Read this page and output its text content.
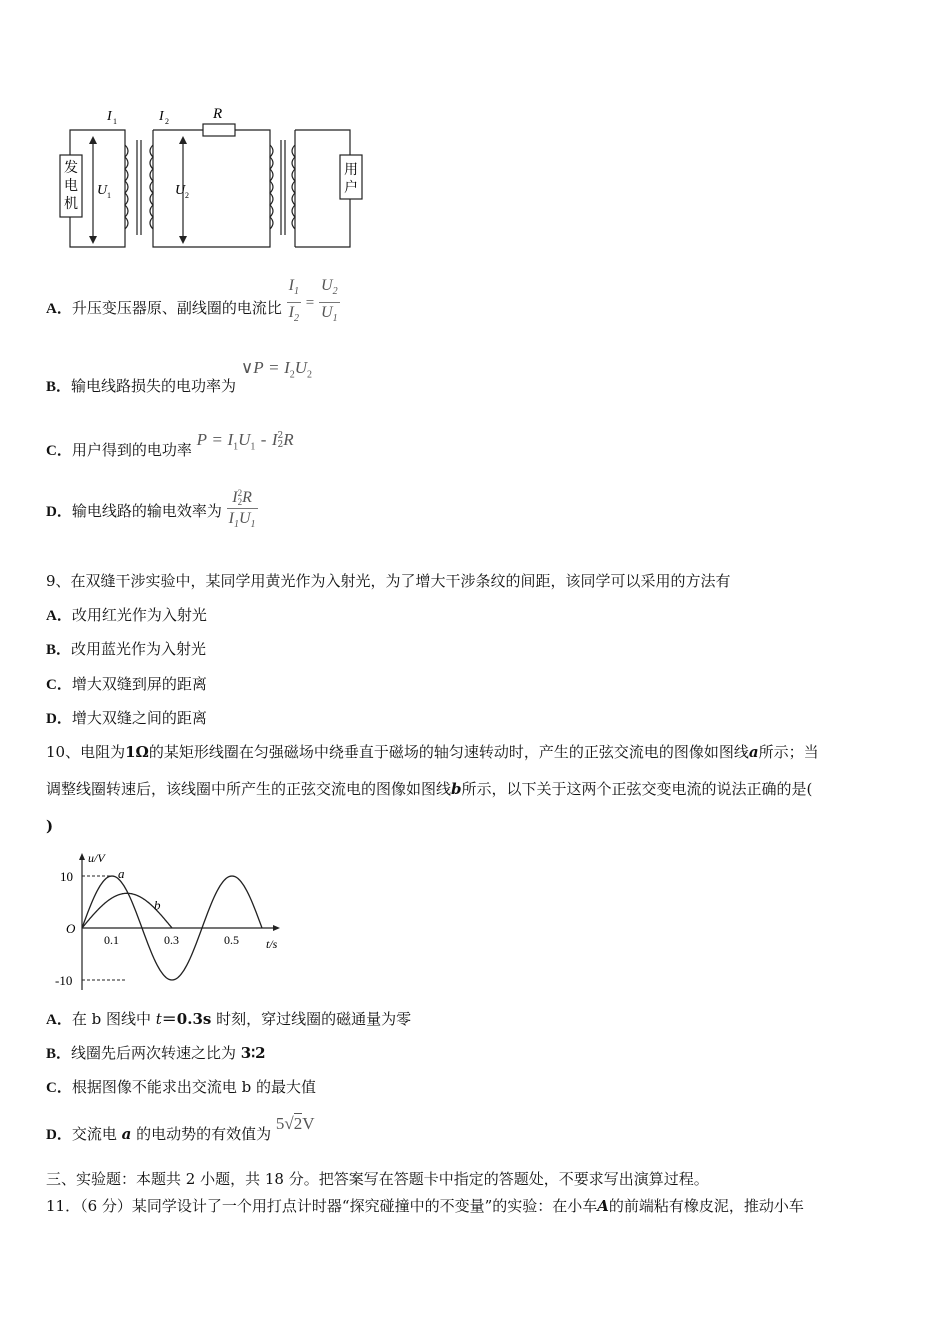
发
电
机
用
户
I 1	I 2	R
U 1	U 2
A．升压变压器原、副线圈的电流比 $\frac{I_1}{I_2} = \frac{U_2}{U_1}$
B．输电线路损失的电功率为 ∨P = $I_2U_2$
C．用户得到的电功率 $P = I_1U_1 - I$ 2
2 R
D．输电线路的输电效率为 I 2
2 R
$I_1U_1$
9、在双缝干涉实验中，某同学用黄光作为入射光，为了增大干涉条纹的间距，该同学可以采用的方法有
A．改用红光作为入射光
B．改用蓝光作为入射光
C．增大双缝到屏的距离
D．增大双缝之间的距离
10、电阻为1Ω的某矩形线圈在匀强磁场中绕垂直于磁场的轴匀速转动时，产生的正弦交流电的图像如图线a所示；当
调整线圈转速后，该线圈中所产生的正弦交流电的图像如图线b所示，以下关于这两个正弦交变电流的说法正确的是(
)
u/V
t/s
O
10
-10
0.1	0.3	0.5
a
b
A．在 b 图线中 t＝0.3s 时刻，穿过线圈的磁通量为零
B．线圈先后两次转速之比为 3∶2
C．根据图像不能求出交流电 b 的最大值
D．交流电 a 的电动势的有效值为 5√2V
三、实验题：本题共 2 小题，共 18 分。把答案写在答题卡中指定的答题处，不要求写出演算过程。
11．（6 分）某同学设计了一个用打点计时器“探究碰撞中的不变量”的实验：在小车A的前端粘有橡皮泥，推动小车
